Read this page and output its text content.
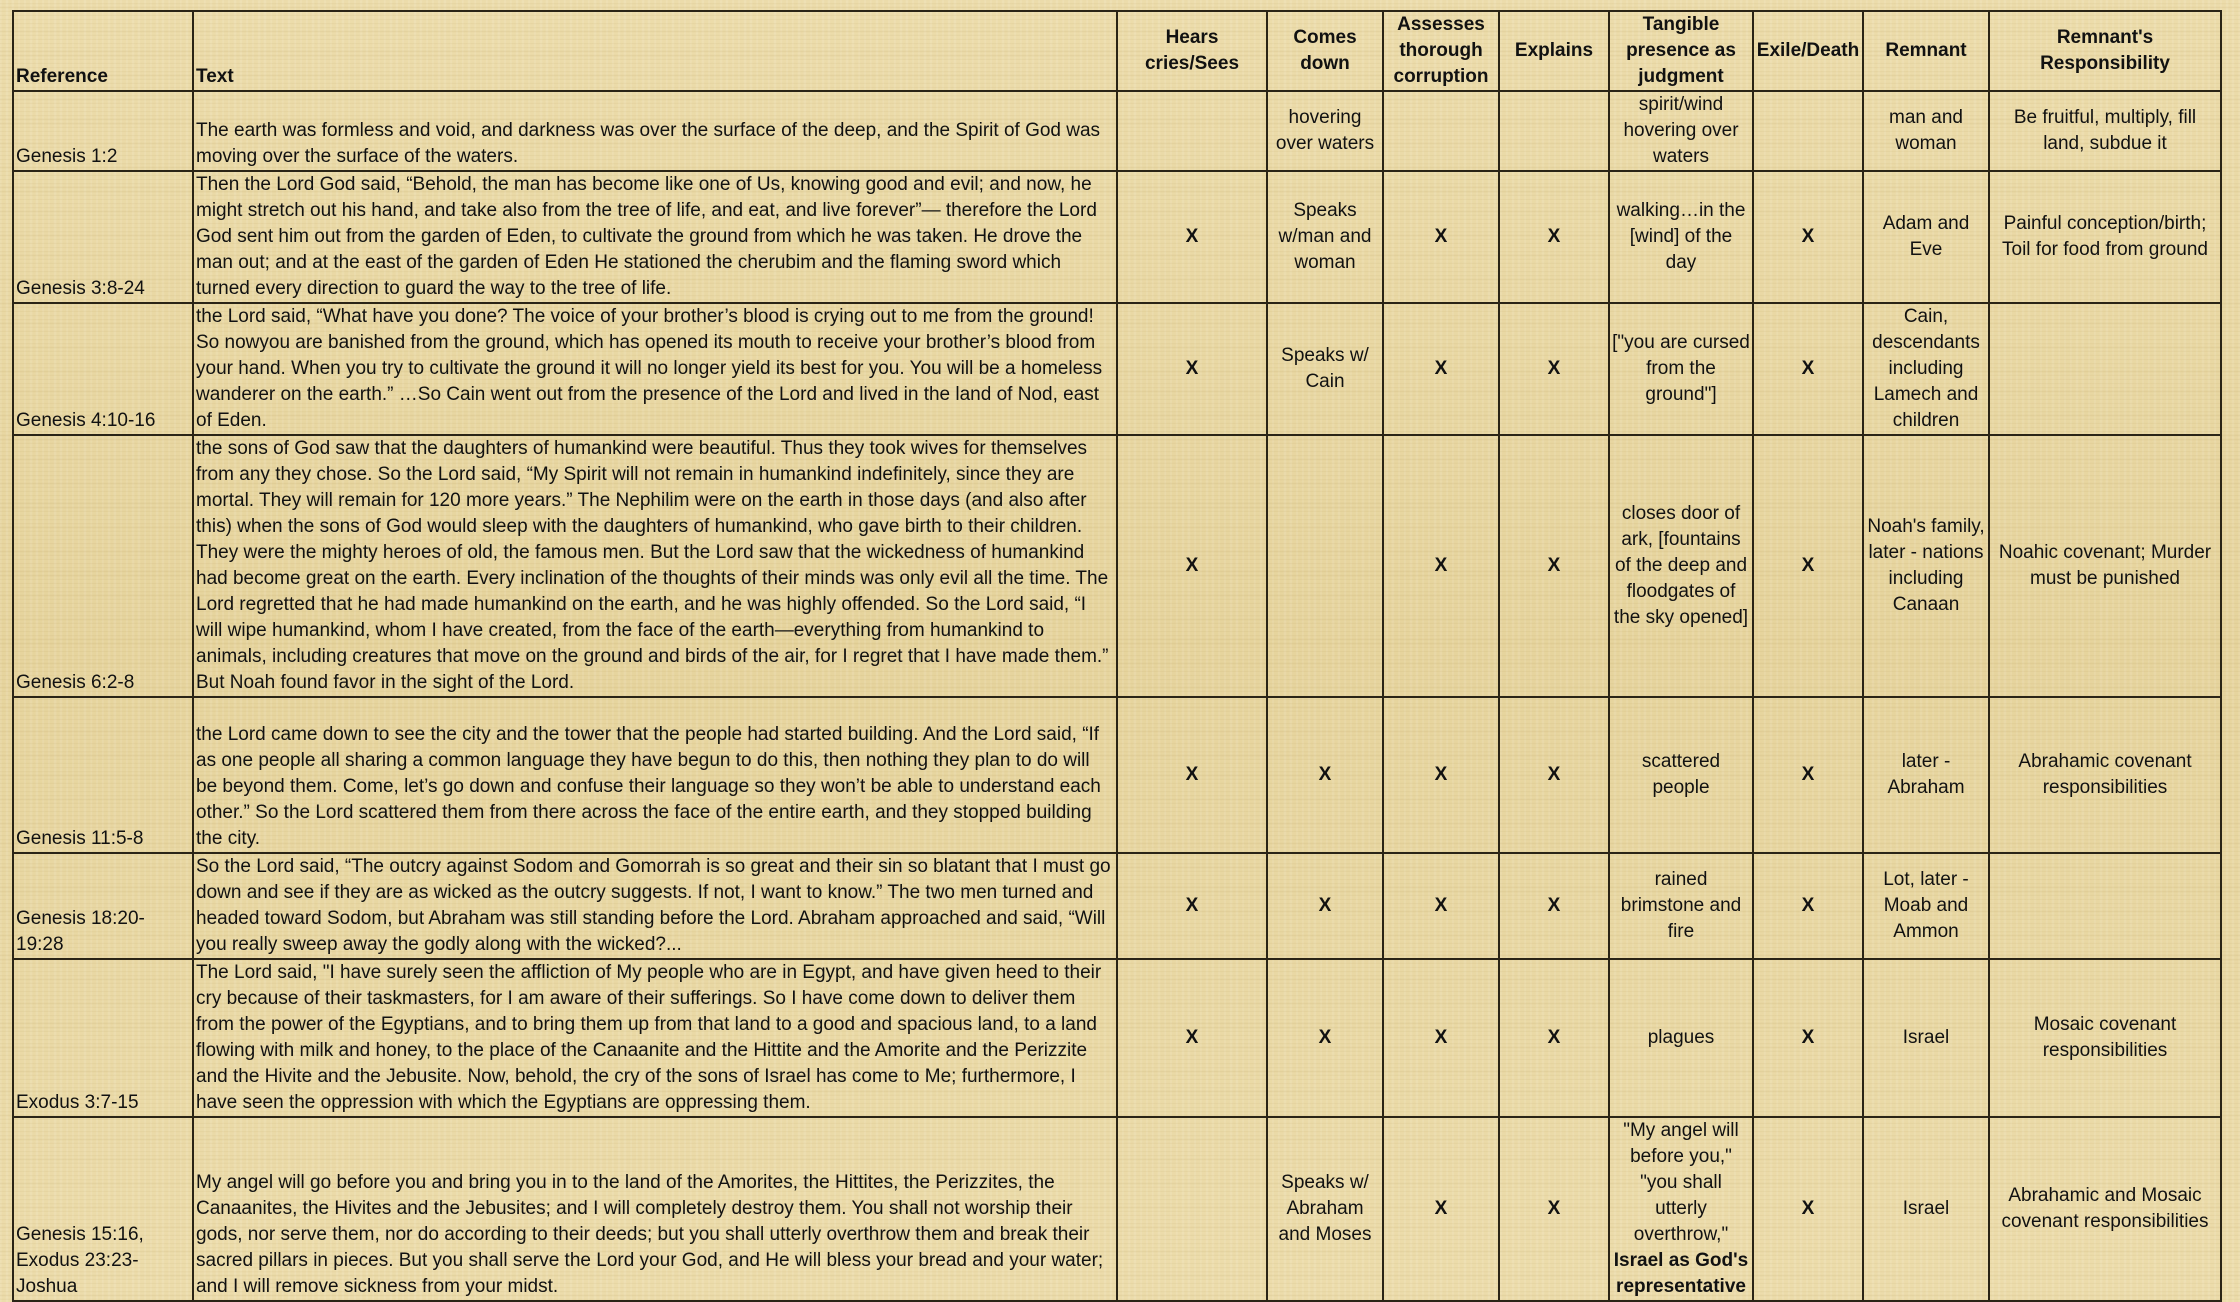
Reference	Text	Hears cries/Sees	Comes down	Assesses thorough corruption	Explains	Tangible presence as judgment	Exile/Death	Remnant	Remnant's Responsibility
Genesis 1:2	The earth was formless and void, and darkness was over the surface of the deep, and the Spirit of God was moving over the surface of the waters.		hovering over waters			spirit/wind hovering over waters		man and woman	Be fruitful, multiply, fill land, subdue it
Genesis 3:8-24	Then the Lord God said, “Behold, the man has become like one of Us, knowing good and evil; and now, he might stretch out his hand, and take also from the tree of life, and eat, and live forever”— therefore the Lord God sent him out from the garden of Eden, to cultivate the ground from which he was taken. He drove the man out; and at the east of the garden of Eden He stationed the cherubim and the flaming sword which turned every direction to guard the way to the tree of life.	X	Speaks w/man and woman	X	X	walking…in the [wind] of the day	X	Adam and Eve	Painful conception/birth; Toil for food from ground
Genesis 4:10-16	the Lord said, “What have you done? The voice of your brother’s blood is crying out to me from the ground! So nowyou are banished from the ground, which has opened its mouth to receive your brother’s blood from your hand. When you try to cultivate the ground it will no longer yield its best for you. You will be a homeless wanderer on the earth.” …So Cain went out from the presence of the Lord and lived in the land of Nod, east of Eden.	X	Speaks w/ Cain	X	X	["you are cursed from the ground"]	X	Cain, descendants including Lamech and children	
Genesis 6:2-8	the sons of God saw that the daughters of humankind were beautiful. Thus they took wives for themselves from any they chose. So the Lord said, “My Spirit will not remain in humankind indefinitely, since they are mortal. They will remain for 120 more years.” The Nephilim were on the earth in those days (and also after this) when the sons of God would sleep with the daughters of humankind, who gave birth to their children. They were the mighty heroes of old, the famous men. But the Lord saw that the wickedness of humankind had become great on the earth. Every inclination of the thoughts of their minds was only evil all the time. The Lord regretted that he had made humankind on the earth, and he was highly offended. So the Lord said, “I will wipe humankind, whom I have created, from the face of the earth—everything from humankind to animals, including creatures that move on the ground and birds of the air, for I regret that I have made them.” But Noah found favor in the sight of the Lord.	X		X	X	closes door of ark, [fountains of the deep and floodgates of the sky opened]	X	Noah's family, later - nations including Canaan	Noahic covenant; Murder must be punished
Genesis 11:5-8	the Lord came down to see the city and the tower that the people had started building. And the Lord said, “If as one people all sharing a common language they have begun to do this, then nothing they plan to do will be beyond them. Come, let’s go down and confuse their language so they won’t be able to understand each other.” So the Lord scattered them from there across the face of the entire earth, and they stopped building the city.	X	X	X	X	scattered people	X	later - Abraham	Abrahamic covenant responsibilities
Genesis 18:20-19:28	So the Lord said, “The outcry against Sodom and Gomorrah is so great and their sin so blatant that I must go down and see if they are as wicked as the outcry suggests. If not, I want to know.” The two men turned and headed toward Sodom, but Abraham was still standing before the Lord. Abraham approached and said, “Will you really sweep away the godly along with the wicked?...	X	X	X	X	rained brimstone and fire	X	Lot, later - Moab and Ammon	
Exodus 3:7-15	The Lord said, "I have surely seen the affliction of My people who are in Egypt, and have given heed to their cry because of their taskmasters, for I am aware of their sufferings. So I have come down to deliver them from the power of the Egyptians, and to bring them up from that land to a good and spacious land, to a land flowing with milk and honey, to the place of the Canaanite and the Hittite and the Amorite and the Perizzite and the Hivite and the Jebusite. Now, behold, the cry of the sons of Israel has come to Me; furthermore, I have seen the oppression with which the Egyptians are oppressing them.	X	X	X	X	plagues	X	Israel	Mosaic covenant responsibilities
Genesis 15:16, Exodus 23:23-Joshua	My angel will go before you and bring you in to the land of the Amorites, the Hittites, the Perizzites, the Canaanites, the Hivites and the Jebusites; and I will completely destroy them. You shall not worship their gods, nor serve them, nor do according to their deeds; but you shall utterly overthrow them and break their sacred pillars in pieces. But you shall serve the Lord your God, and He will bless your bread and your water; and I will remove sickness from your midst.		Speaks w/ Abraham and Moses	X	X	"My angel will before you," "you shall utterly overthrow," Israel as God's representative	X	Israel	Abrahamic and Mosaic covenant responsibilities
